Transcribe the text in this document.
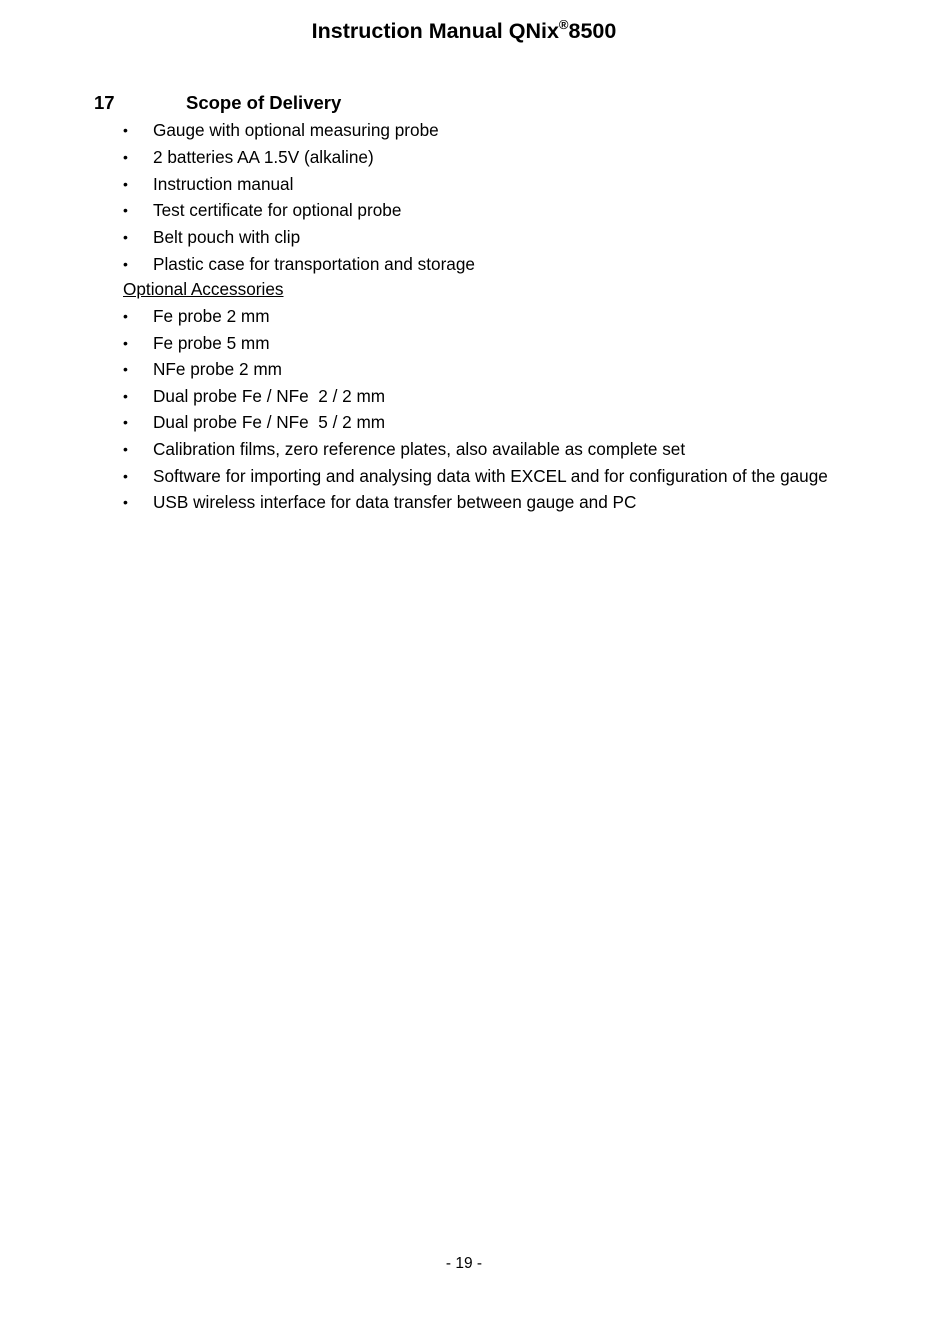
Instruction Manual QNix®8500
17	Scope of Delivery
• Gauge with optional measuring probe
• 2 batteries AA 1.5V (alkaline)
• Instruction manual
• Test certificate for optional probe
• Belt pouch with clip
• Plastic case for transportation and storage
Optional Accessories
• Fe probe 2 mm
• Fe probe 5 mm
• NFe probe 2 mm
• Dual probe Fe / NFe  2 / 2 mm
• Dual probe Fe / NFe  5 / 2 mm
• Calibration films, zero reference plates, also available as complete set
• Software for importing and analysing data with EXCEL and for configuration of the gauge
• USB wireless interface for data transfer between gauge and PC
- 19 -
